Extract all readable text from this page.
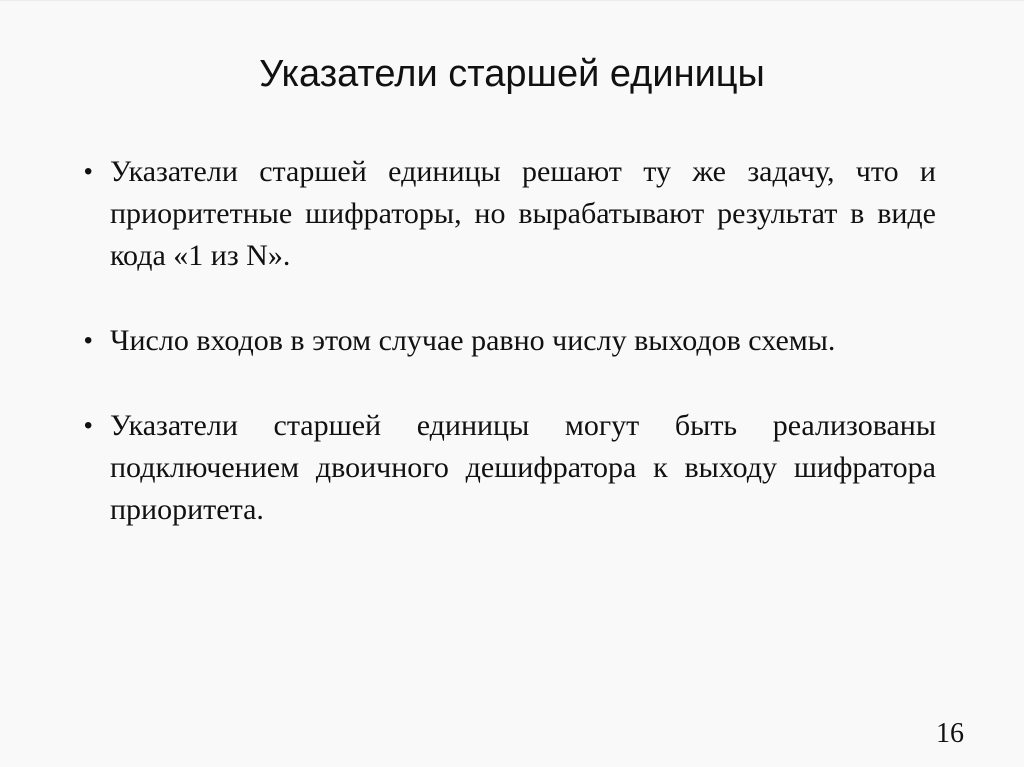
Указатели старшей единицы
• Указатели старшей единицы решают ту же задачу, что и приоритетные шифраторы, но вырабатывают результат в виде кода «1 из N».
• Число входов в этом случае равно числу выходов схемы.
• Указатели старшей единицы могут быть реализованы подключением двоичного дешифратора к выходу шифратора приоритета.
16
